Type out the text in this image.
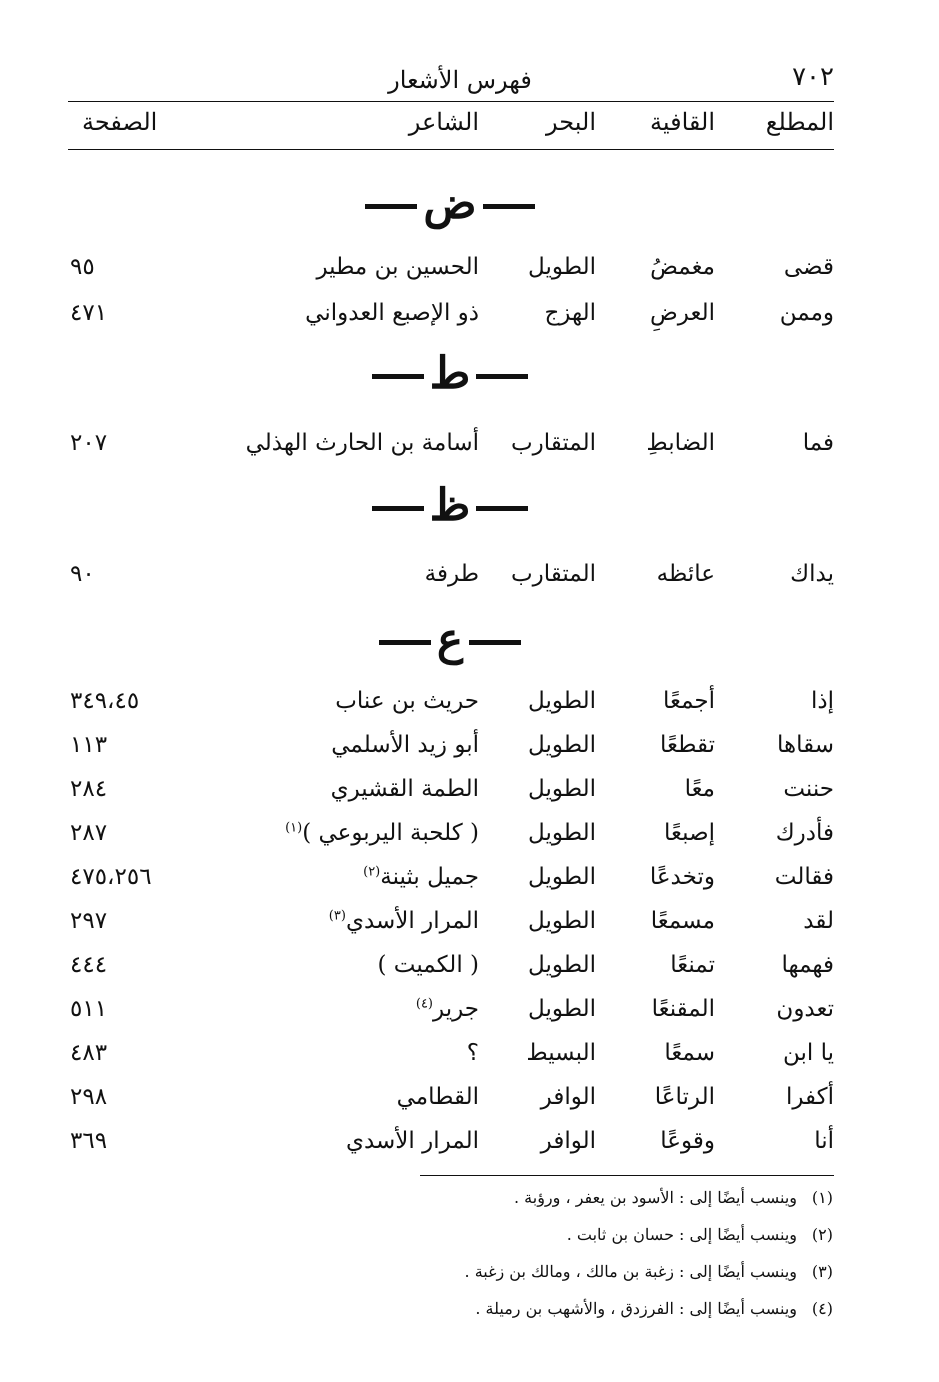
٧٠٢
فهرس الأشعار
المطلع
القافية
البحر
الشاعر
الصفحة
ض
قضى
مغمضُ
الطويل
الحسين بن مطير
٩٥
وممن
العرضِ
الهزج
ذو الإصبع العدواني
٤٧١
ط
فما
الضابطِ
المتقارب
أسامة بن الحارث الهذلي
٢٠٧
ظ
يداك
عائظه
المتقارب
طرفة
٩٠
ع
إذا
أجمعًا
الطويل
حريث بن عناب
٣٤٩،٤٥
سقاها
تقطعًا
الطويل
أبو زيد الأسلمي
١١٣
حننت
معًا
الطويل
الطمة القشيري
٢٨٤
فأدرك
إصبعًا
الطويل
( كلحبة اليربوعي )$^{(١)}$
٢٨٧
فقالت
وتخدعًا
الطويل
جميل بثينة$^{(٢)}$
٤٧٥،٢٥٦
لقد
مسمعًا
الطويل
المرار الأسدي$^{(٣)}$
٢٩٧
فهمها
تمنعًا
الطويل
( الكميت )
٤٤٤
تعدون
المقنعًا
الطويل
جرير$^{(٤)}$
٥١١
يا ابن
سمعًا
البسيط
؟
٤٨٣
أكفرا
الرتاعًا
الوافر
القطامي
٢٩٨
أنا
وقوعًا
الوافر
المرار الأسدي
٣٦٩
(١)وينسب أيضًا إلى : الأسود بن يعفر ، ورؤبة .
(٢)وينسب أيضًا إلى : حسان بن ثابت .
(٣)وينسب أيضًا إلى : زغبة بن مالك ، ومالك بن زغبة .
(٤)وينسب أيضًا إلى : الفرزدق ، والأشهب بن رميلة .
